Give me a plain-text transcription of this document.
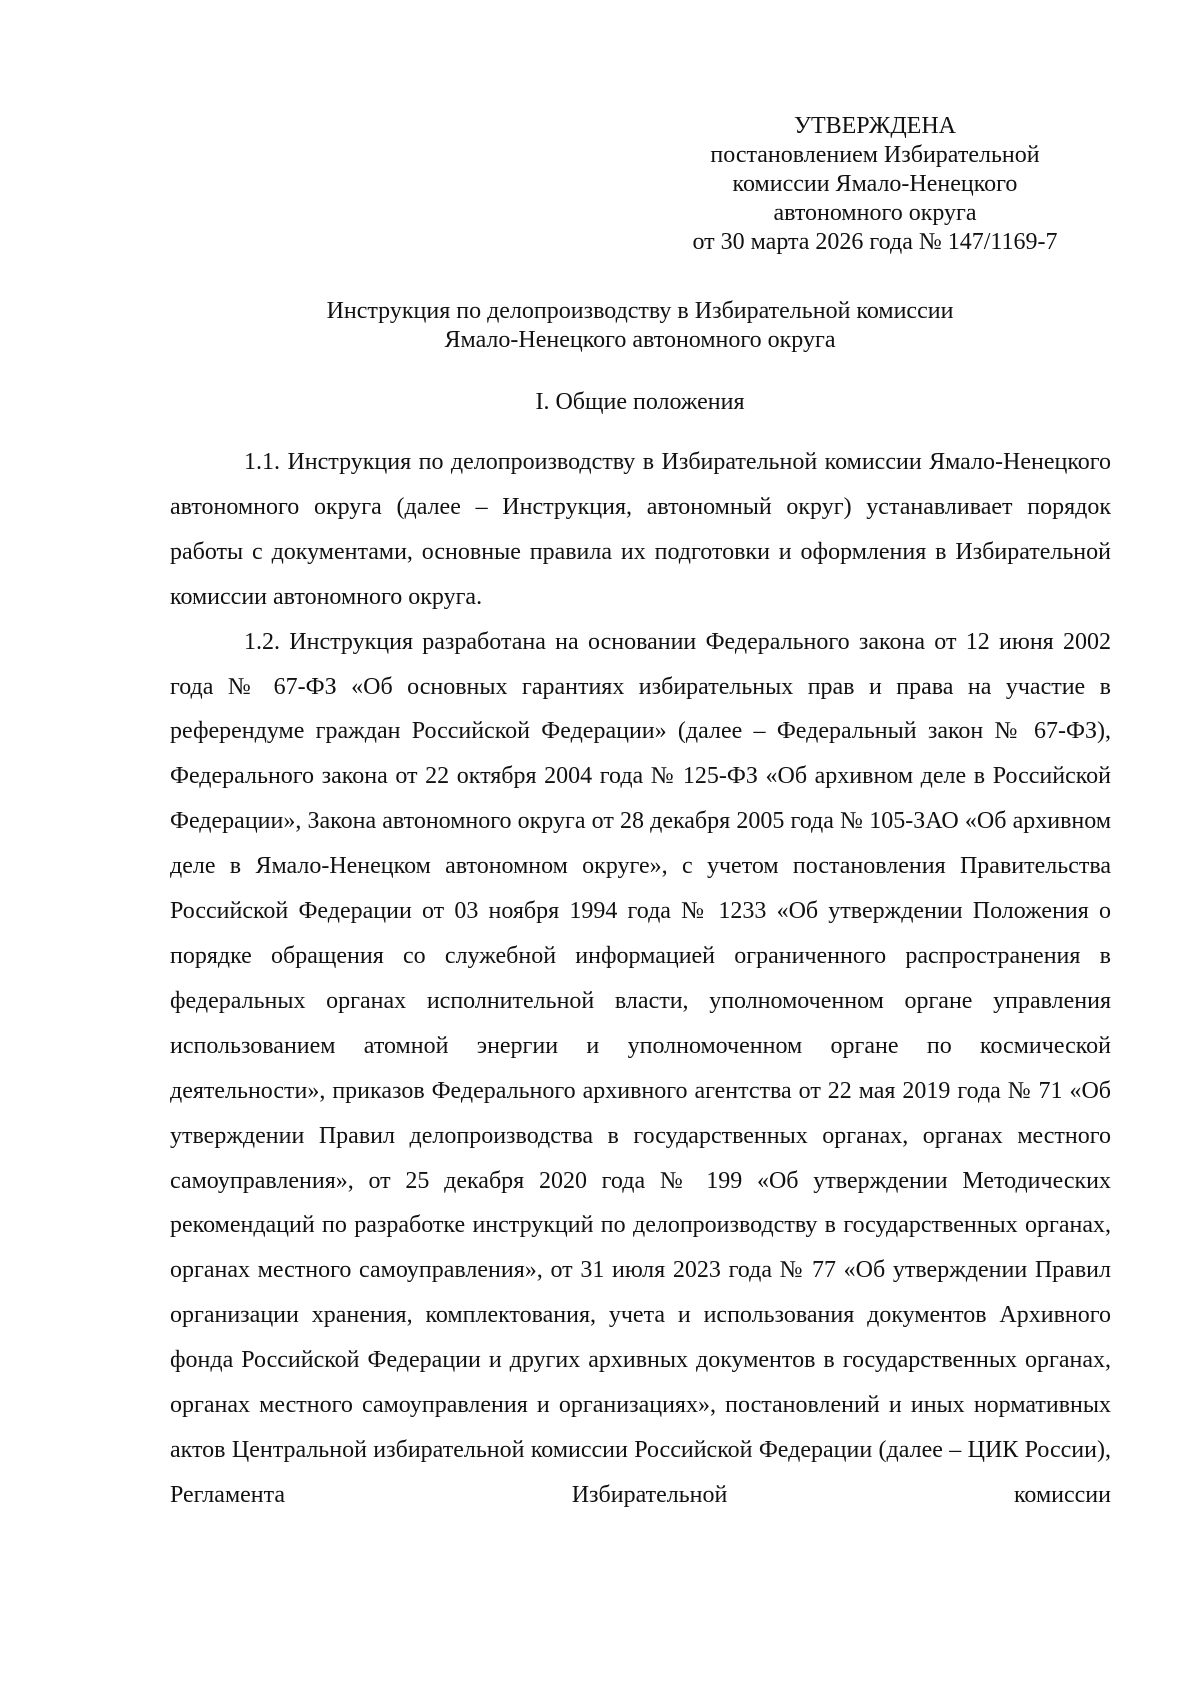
УТВЕРЖДЕНА
постановлением Избирательной
комиссии Ямало-Ненецкого
автономного округа
от 30 марта 2026 года № 147/1169-7
Инструкция по делопроизводству в Избирательной комиссии
Ямало-Ненецкого автономного округа
I. Общие положения

1.1. Инструкция по делопроизводству в Избирательной комиссии Ямало-Ненецкого автономного округа (далее – Инструкция, автономный округ) устанавливает порядок работы с документами, основные правила их подготовки и оформления в Избирательной комиссии автономного округа.

1.2. Инструкция разработана на основании Федерального закона от 12 июня 2002 года № 67-ФЗ «Об основных гарантиях избирательных прав и права на участие в референдуме граждан Российской Федерации» (далее – Федеральный закон № 67-ФЗ), Федерального закона от 22 октября 2004 года № 125-ФЗ «Об архивном деле в Российской Федерации», Закона автономного округа от 28 декабря 2005 года № 105-ЗАО «Об архивном деле в Ямало-Ненецком автономном округе», с учетом постановления Правительства Российской Федерации от 03 ноября 1994 года № 1233 «Об утверждении Положения о порядке обращения со служебной информацией ограниченного распространения в федеральных органах исполнительной власти, уполномоченном органе управления использованием атомной энергии и уполномоченном органе по космической деятельности», приказов Федерального архивного агентства от 22 мая 2019 года № 71 «Об утверждении Правил делопроизводства в государственных органах, органах местного самоуправления», от 25 декабря 2020 года № 199 «Об утверждении Методических рекомендаций по разработке инструкций по делопроизводству в государственных органах, органах местного самоуправления», от 31 июля 2023 года № 77 «Об утверждении Правил организации хранения, комплектования, учета и использования документов Архивного фонда Российской Федерации и других архивных документов в государственных органах, органах местного самоуправления и организациях», постановлений и иных нормативных актов Центральной избирательной комиссии Российской Федерации (далее – ЦИК России), Регламента Избирательной комиссии
